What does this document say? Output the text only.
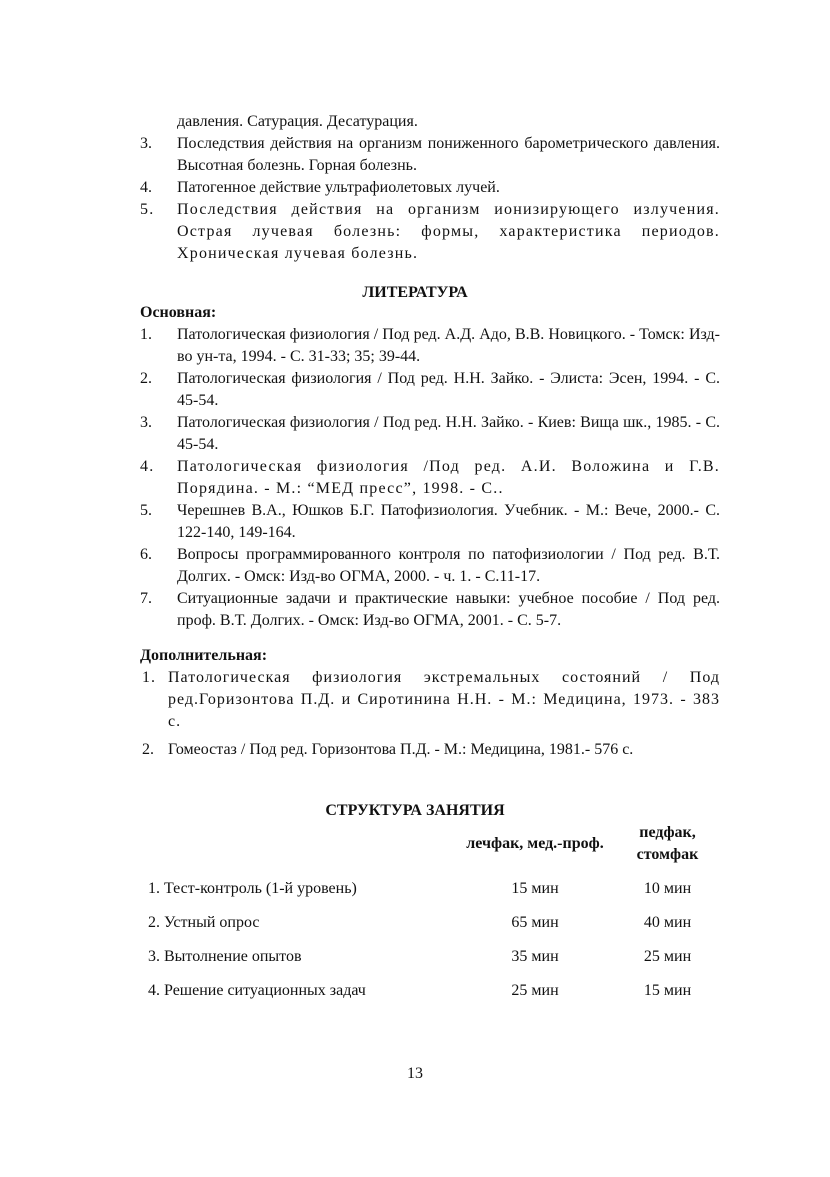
давления. Сатурация. Десатурация.
3. Последствия действия на организм пониженного барометрического давления. Высотная болезнь. Горная болезнь.
4. Патогенное действие ультрафиолетовых лучей.
5. Последствия действия на организм ионизирующего излучения. Острая лучевая болезнь: формы, характеристика периодов. Хроническая лучевая болезнь.
ЛИТЕРАТУРА
Основная:
1. Патологическая физиология / Под ред. А.Д. Адо, В.В. Новицкого. - Томск: Изд-во ун-та, 1994. - С. 31-33; 35; 39-44.
2. Патологическая физиология / Под ред. Н.Н. Зайко. - Элиста: Эсен, 1994. - С. 45-54.
3. Патологическая физиология / Под ред. Н.Н. Зайко. - Киев: Вища шк., 1985. - С. 45-54.
4. Патологическая физиология /Под ред. А.И. Воложина и Г.В. Порядина. - М.: “МЕД пресс”, 1998. - С..
5. Черешнев В.А., Юшков Б.Г. Патофизиология. Учебник. - М.: Вече, 2000.- С. 122-140, 149-164.
6. Вопросы программированного контроля по патофизиологии / Под ред. В.Т. Долгих. - Омск: Изд-во ОГМА, 2000. - ч. 1. - С.11-17.
7. Ситуационные задачи и практические навыки: учебное пособие / Под ред. проф. В.Т. Долгих. - Омск: Изд-во ОГМА, 2001. - С. 5-7.
Дополнительная:
1. Патологическая физиология экстремальных состояний / Под ред.Горизонтова П.Д. и Сиротинина Н.Н. - М.: Медицина, 1973. - 383 с.
2. Гомеостаз / Под ред. Горизонтова П.Д. - М.: Медицина, 1981.- 576 с.
СТРУКТУРА ЗАНЯТИЯ
	лечфак, мед.-проф.	педфак, стомфак
1. Тест-контроль (1-й уровень)	15 мин	10 мин
2. Устный опрос	65 мин	40 мин
3. Вытолнение опытов	35 мин	25 мин
4. Решение ситуационных задач	25 мин	15 мин
13
